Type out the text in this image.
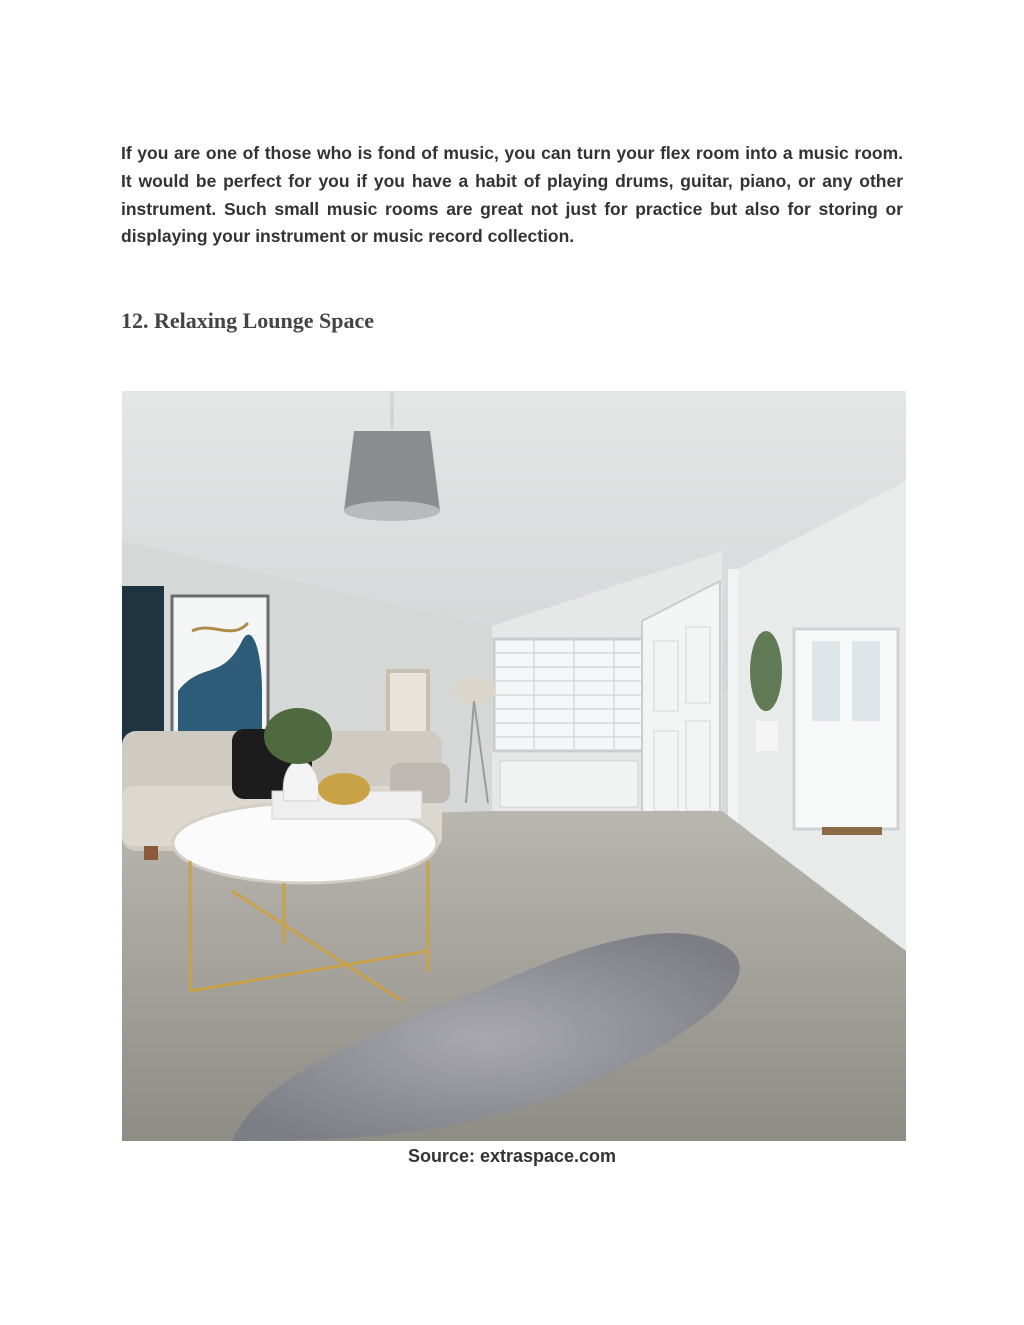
If you are one of those who is fond of music, you can turn your flex room into a music room. It would be perfect for you if you have a habit of playing drums, guitar, piano, or any other instrument. Such small music rooms are great not just for practice but also for storing or displaying your instrument or music record collection.

12. Relaxing Lounge Space
Source: extraspace.com
